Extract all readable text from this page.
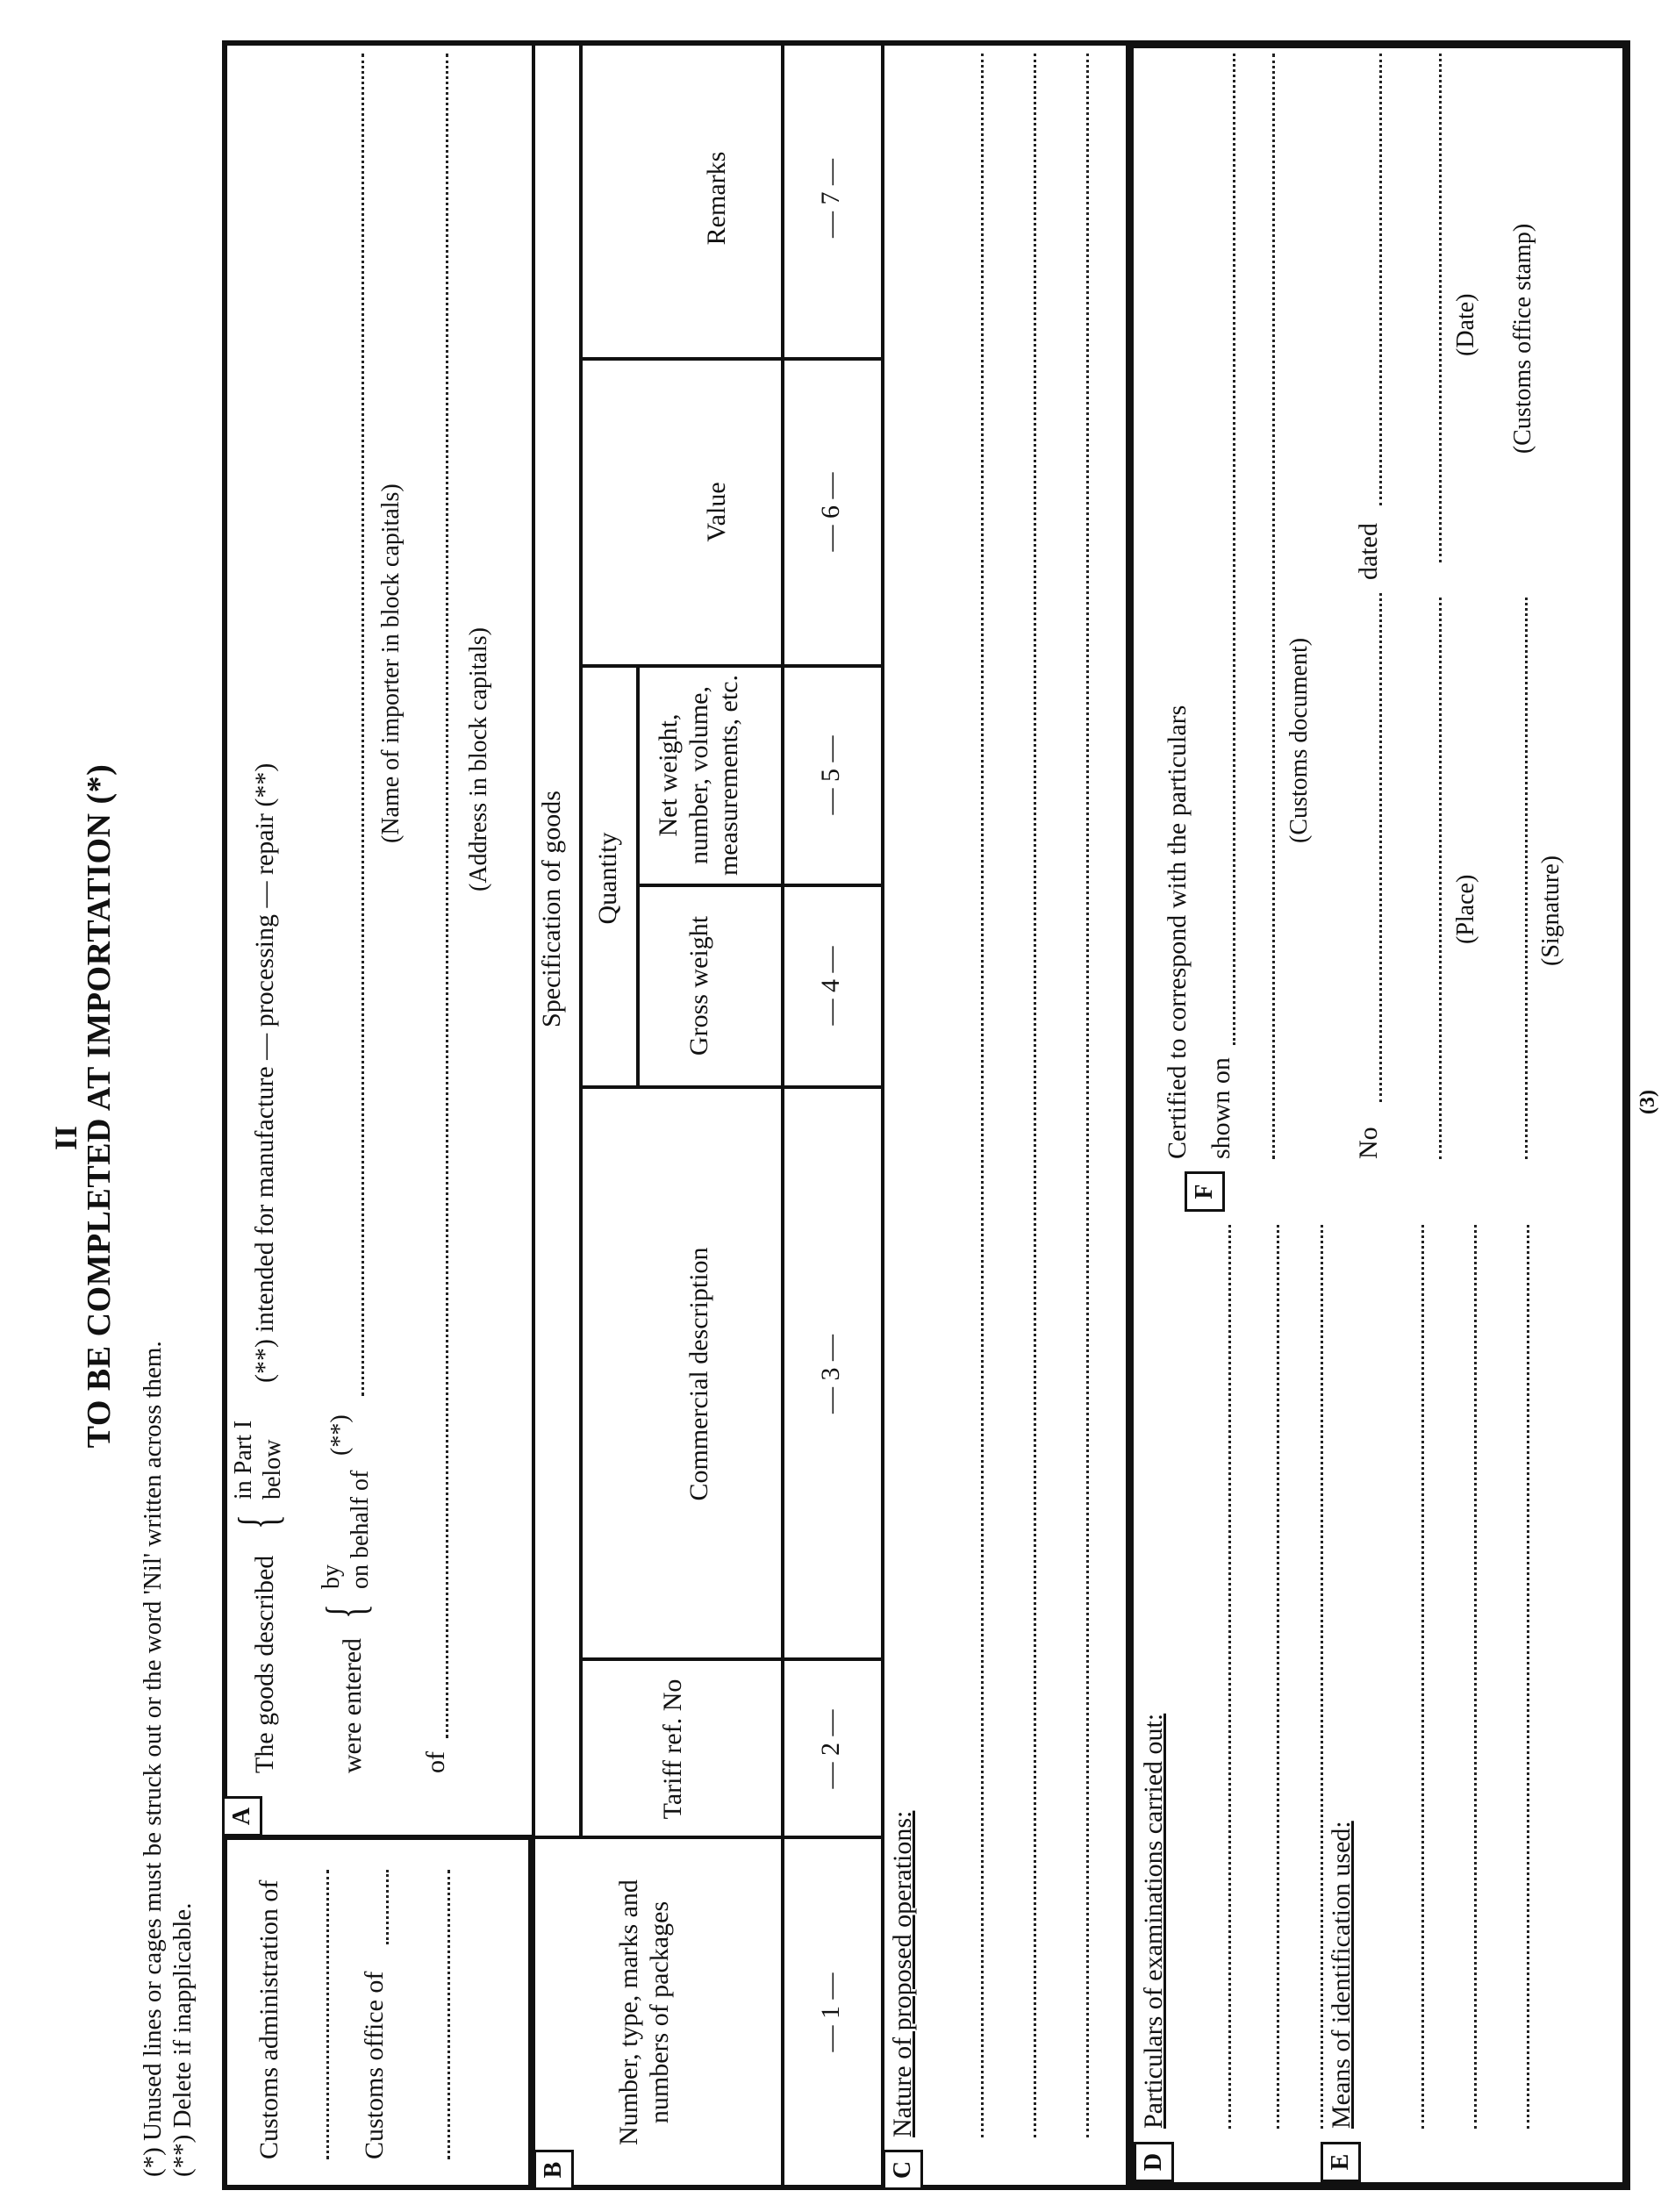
II
TO BE COMPLETED AT IMPORTATION (*)
(*) Unused lines or cages must be struck out or the word 'Nil' written across them. (**) Delete if inapplicable. Customs administration of	Customs office of
A
The goods described
{
in Part I below
(**) intended for manufacture — processing — repair (**)
were entered
{
by on behalf of
(**)
(Name of importer in block capitals)
of
(Address in block capitals)
B
Specification of goods Quantity
Number, type, marks and numbers of packages
Tariff ref. No
Commercial description
Gross weight
Net weight, number, volume, measurements, etc.
Value
Remarks
— 1 —
— 2 —
— 3 —
— 4 —
— 5 —
— 6 —
— 7 —
C
Nature of proposed operations:
D
Particulars of examinations carried out:
E
Means of identification used:
F
Certified to correspond with the particulars shown on
(Customs document)
No
dated
(Place)
(Date)
(Signature)
(Customs office stamp)
(3)
